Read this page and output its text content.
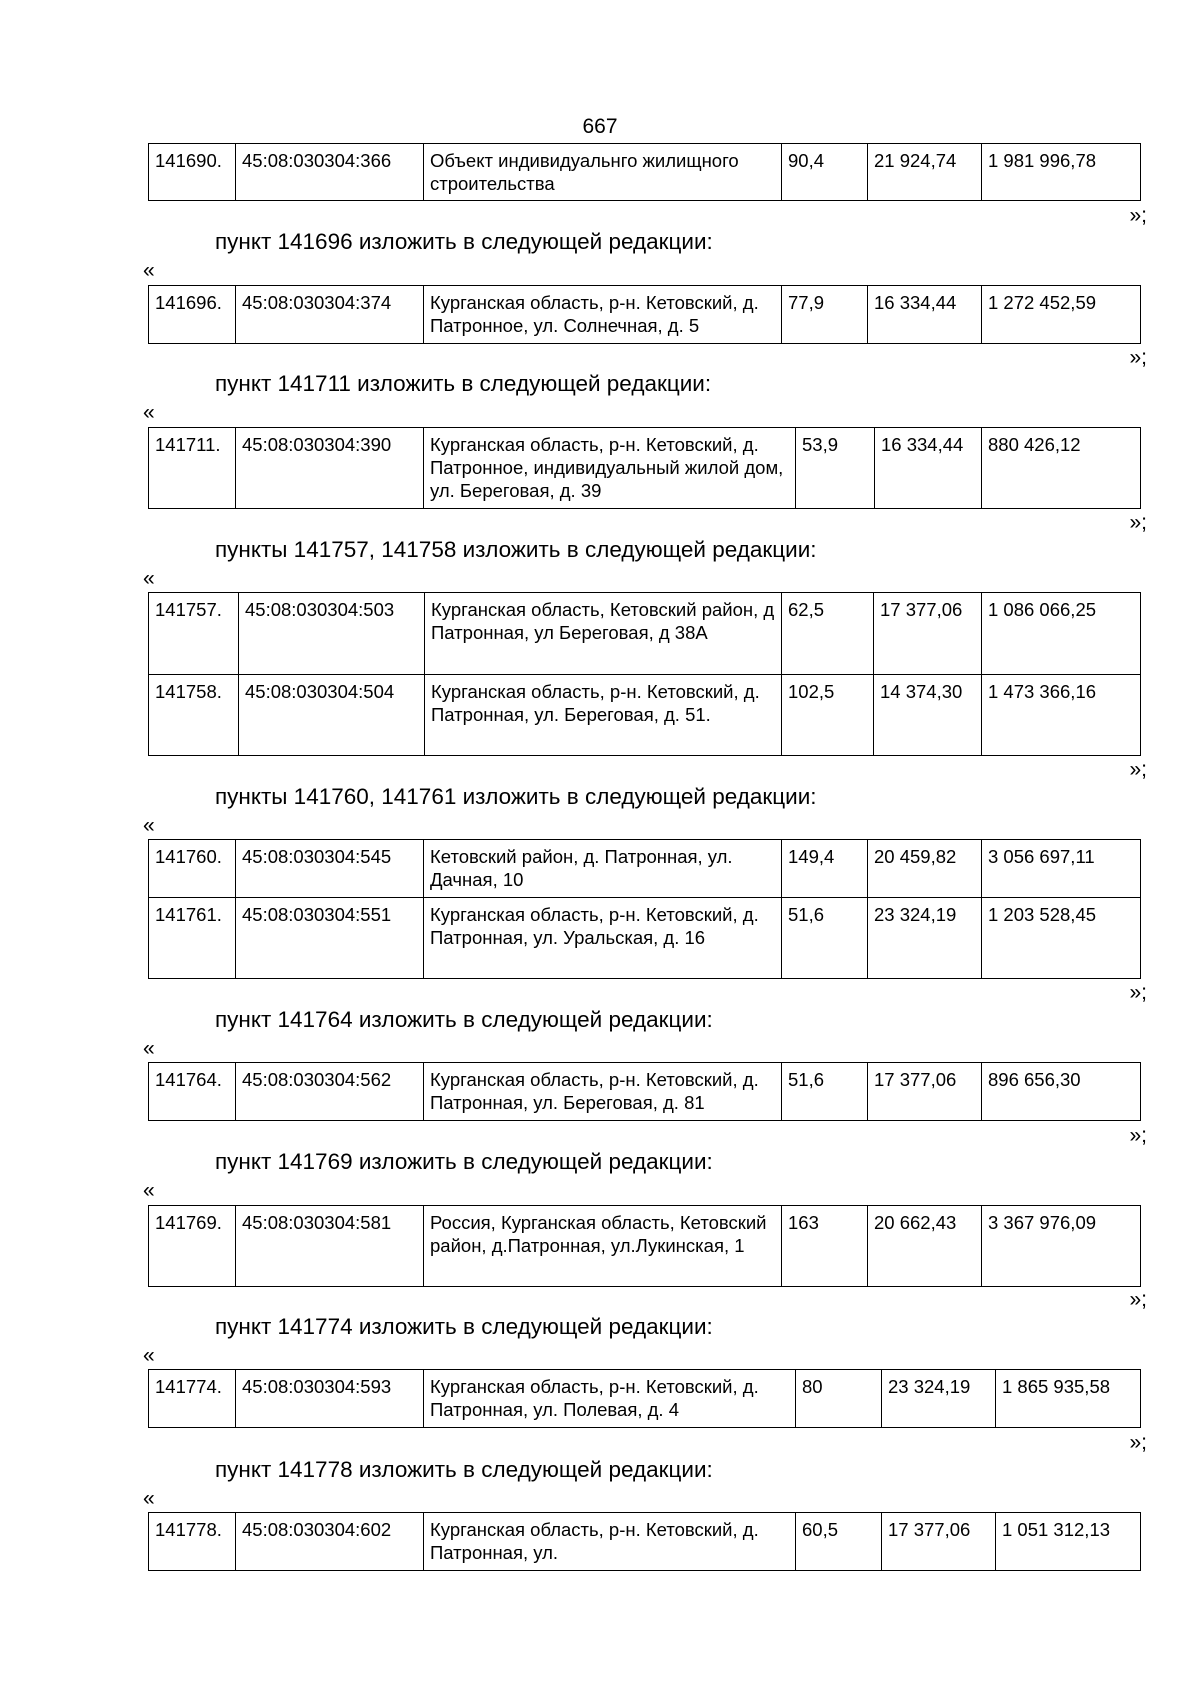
667
141690.	45:08:030304:366	Объект индивидуальнго жилищного строительства	90,4	21 924,74	1 981 996,78
»;
пункт 141696 изложить в следующей редакции:
«
141696.	45:08:030304:374	Курганская область, р-н. Кетовский, д. Патронное, ул. Солнечная, д. 5	77,9	16 334,44	1 272 452,59
»;
пункт 141711 изложить в следующей редакции:
«
141711.	45:08:030304:390	Курганская область, р-н. Кетовский, д. Патронное, индивидуальный жилой дом, ул. Береговая, д. 39	53,9	16 334,44	880 426,12
»;
пункты 141757, 141758 изложить в следующей редакции:
«
141757.	45:08:030304:503	Курганская область, Кетовский район, д Патронная, ул Береговая, д 38А	62,5	17 377,06	1 086 066,25
141758.	45:08:030304:504	Курганская область, р-н. Кетовский, д. Патронная, ул. Береговая, д. 51.	102,5	14 374,30	1 473 366,16
»;
пункты 141760, 141761 изложить в следующей редакции:
«
141760.	45:08:030304:545	Кетовский район, д. Патронная, ул. Дачная, 10	149,4	20 459,82	3 056 697,11
141761.	45:08:030304:551	Курганская область, р-н. Кетовский, д. Патронная, ул. Уральская, д. 16	51,6	23 324,19	1 203 528,45
»;
пункт 141764 изложить в следующей редакции:
«
141764.	45:08:030304:562	Курганская область, р-н. Кетовский, д. Патронная, ул. Береговая, д. 81	51,6	17 377,06	896 656,30
»;
пункт 141769 изложить в следующей редакции:
«
141769.	45:08:030304:581	Россия, Курганская область, Кетовский район, д.Патронная, ул.Лукинская, 1	163	20 662,43	3 367 976,09
»;
пункт 141774 изложить в следующей редакции:
«
141774.	45:08:030304:593	Курганская область, р-н. Кетовский, д. Патронная, ул. Полевая, д. 4	80	23 324,19	1 865 935,58
»;
пункт 141778 изложить в следующей редакции:
«
141778.	45:08:030304:602	Курганская область, р-н. Кетовский, д. Патронная, ул.	60,5	17 377,06	1 051 312,13
